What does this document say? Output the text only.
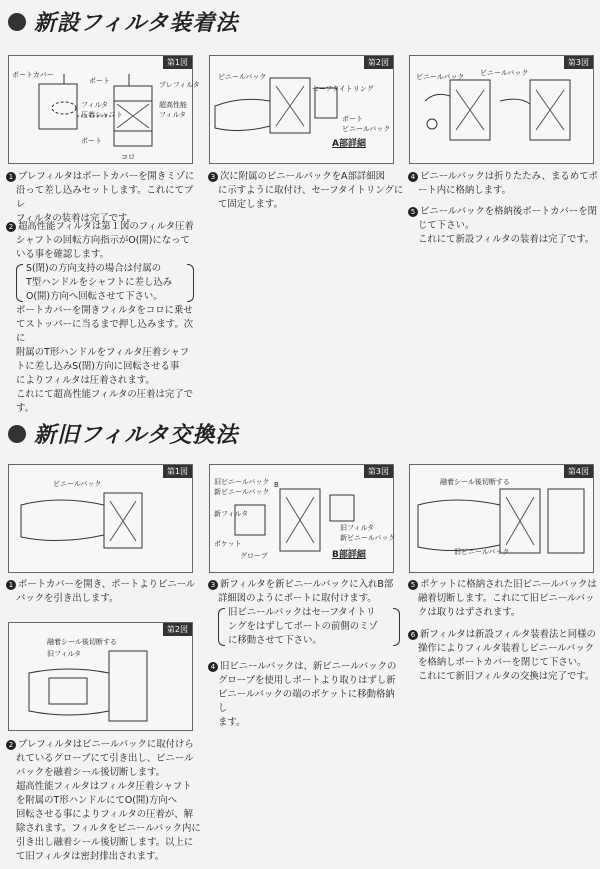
新設フィルタ装着法
第1図
ポートカバー
ポート	プレフィルタ
フィルタ
圧着シャフト
超高性能
フィルタ
ポート
コロ
第2図
ビニールバック
セーフタイトリング
ポート
ビニールバック
A部詳細
第3図
ビニールバック ビニールバック

1 プレフィルタはポートカバーを開きミゾに

沿って差し込みセットします。これにてプレ

フィルタの装着は完了です。

2 超高性能フィルタは第１図のフィルタ圧着

シャフトの回転方向指示がO(開)になって

いる事を確認します。

S(閉)の方向支持の場合は付属の

T型ハンドルをシャフトに差し込み

O(開)方向へ回転させて下さい。

ポートカバーを開きフィルタをコロに乗せ

てストッパーに当るまで押し込みます。次に

附属のT形ハンドルをフィルタ圧着シャフ

トに差し込みS(閉)方向に回転させる事

によりフィルタは圧着されます。

これにて超高性能フィルタの圧着は完了です。

3 次に附属のビニールバックをA部詳細図

に示すように取付け、セーフタイトリングに

て固定します。

4 ビニールバックは折りたたみ、まるめてポ

ート内に格納します。

5 ビニールバックを格納後ポートカバーを閉

じて下さい。

これにて新設フィルタの装着は完了です。

新旧フィルタ交換法
第1図
ビニールバック
第2図
融着シール後切断する
旧フィルタ
第3図
旧ビニールバック
新ビニールバック
B
新フィルタ
旧フィルタ
新ビニールバック
ポケット
グローブ	B部詳細
第4図
融着シール後切断する
旧ビニールバック

1 ポートカバーを開き、ポートよりビニール

バックを引き出します。

2 プレフィルタはビニールバックに取付けら

れているグローブにて引き出し、ビニール

バックを融着シール後切断します。

超高性能フィルタはフィルタ圧着シャフト

を附属のT形ハンドルにてO(開)方向へ

回転させる事によりフィルタの圧着が、解

除されます。フィルタをビニールバック内に

引き出し融着シール後切断します。以上に

て旧フィルタは密封排出されます。

3 新フィルタを新ビニールバックに入れB部

詳細図のようにポートに取付けます。

旧ビニールバックはセーフタイトリ

ングをはずしてポートの前側のミゾ

に移動させて下さい。

4 旧ビニールバックは、新ビニールバックの

グローブを使用しポートより取りはずし新

ビニールバックの端のポケットに移動格納し

ます。

5 ポケットに格納された旧ビニールバックは

融着切断します。これにて旧ビニールバッ

クは取りはずされます。

6 新フィルタは新設フィルタ装着法と同様の

操作によりフィルタ装着しビニールバック

を格納しポートカバーを閉じて下さい。

これにて新旧フィルタの交換は完了です。
